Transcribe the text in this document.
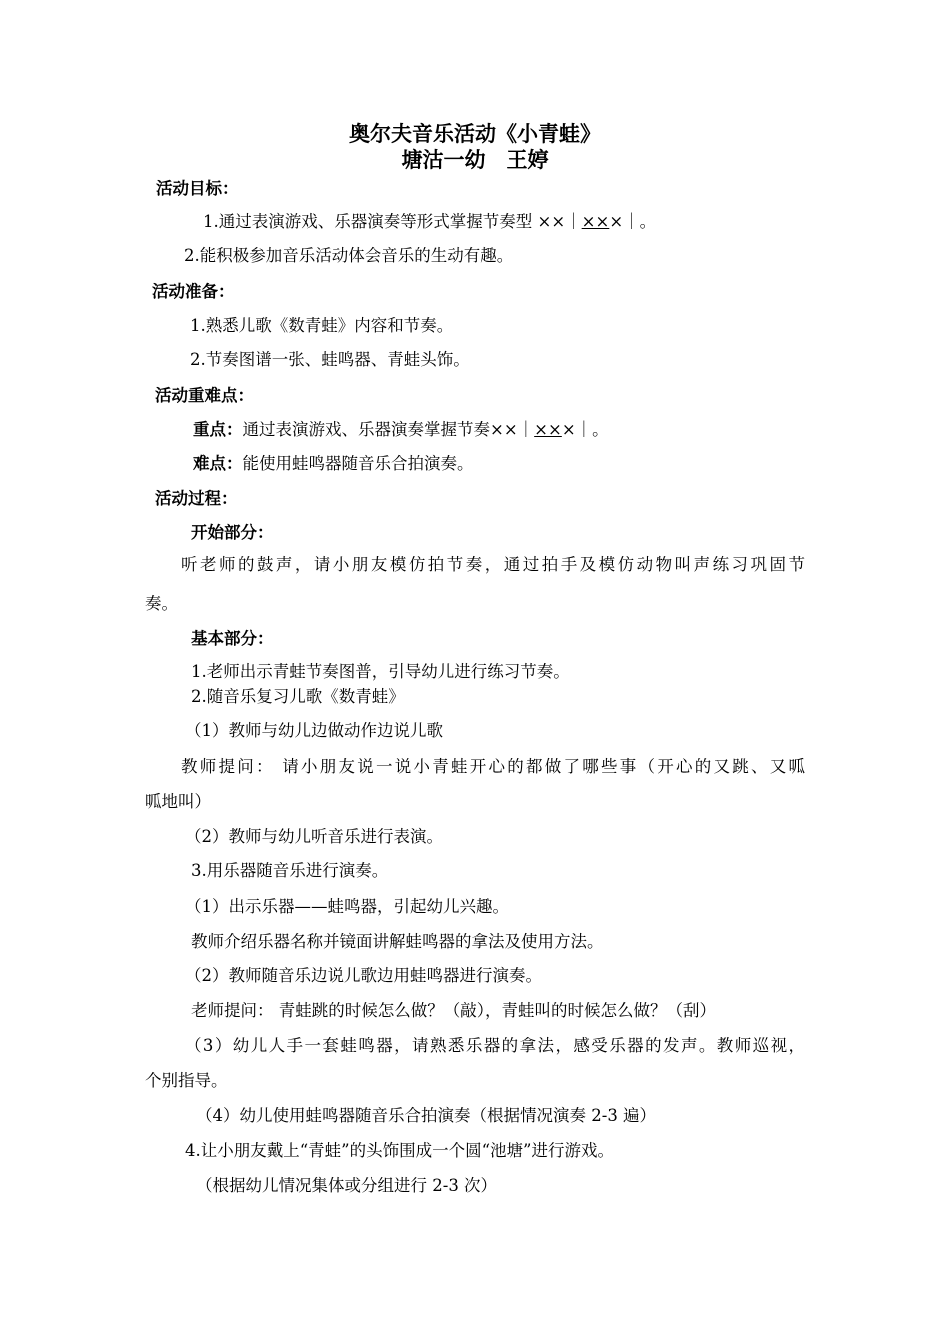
奥尔夫音乐活动《小青蛙》
塘沽一幼　王婷
活动目标：
1.通过表演游戏、乐器演奏等形式掌握节奏型 ××｜×××｜。
2.能积极参加音乐活动体会音乐的生动有趣。
活动准备：
1.熟悉儿歌《数青蛙》内容和节奏。
2.节奏图谱一张、蛙鸣器、青蛙头饰。
活动重难点：
重点：通过表演游戏、乐器演奏掌握节奏××｜×××｜。
难点：能使用蛙鸣器随音乐合拍演奏。
活动过程：
开始部分：
听老师的鼓声，请小朋友模仿拍节奏，通过拍手及模仿动物叫声练习巩固节
奏。
基本部分：
1.老师出示青蛙节奏图普，引导幼儿进行练习节奏。
2.随音乐复习儿歌《数青蛙》
（1）教师与幼儿边做动作边说儿歌
教师提问： 请小朋友说一说小青蛙开心的都做了哪些事（开心的又跳、又呱
呱地叫）
（2）教师与幼儿听音乐进行表演。
3.用乐器随音乐进行演奏。
（1）出示乐器——蛙鸣器，引起幼儿兴趣。
教师介绍乐器名称并镜面讲解蛙鸣器的拿法及使用方法。
（2）教师随音乐边说儿歌边用蛙鸣器进行演奏。
老师提问： 青蛙跳的时候怎么做？（敲），青蛙叫的时候怎么做？（刮）
（3）幼儿人手一套蛙鸣器，请熟悉乐器的拿法，感受乐器的发声。教师巡视，
个别指导。
（4）幼儿使用蛙鸣器随音乐合拍演奏（根据情况演奏 2-3 遍）
4.让小朋友戴上“青蛙”的头饰围成一个圆“池塘”进行游戏。
（根据幼儿情况集体或分组进行 2-3 次）
